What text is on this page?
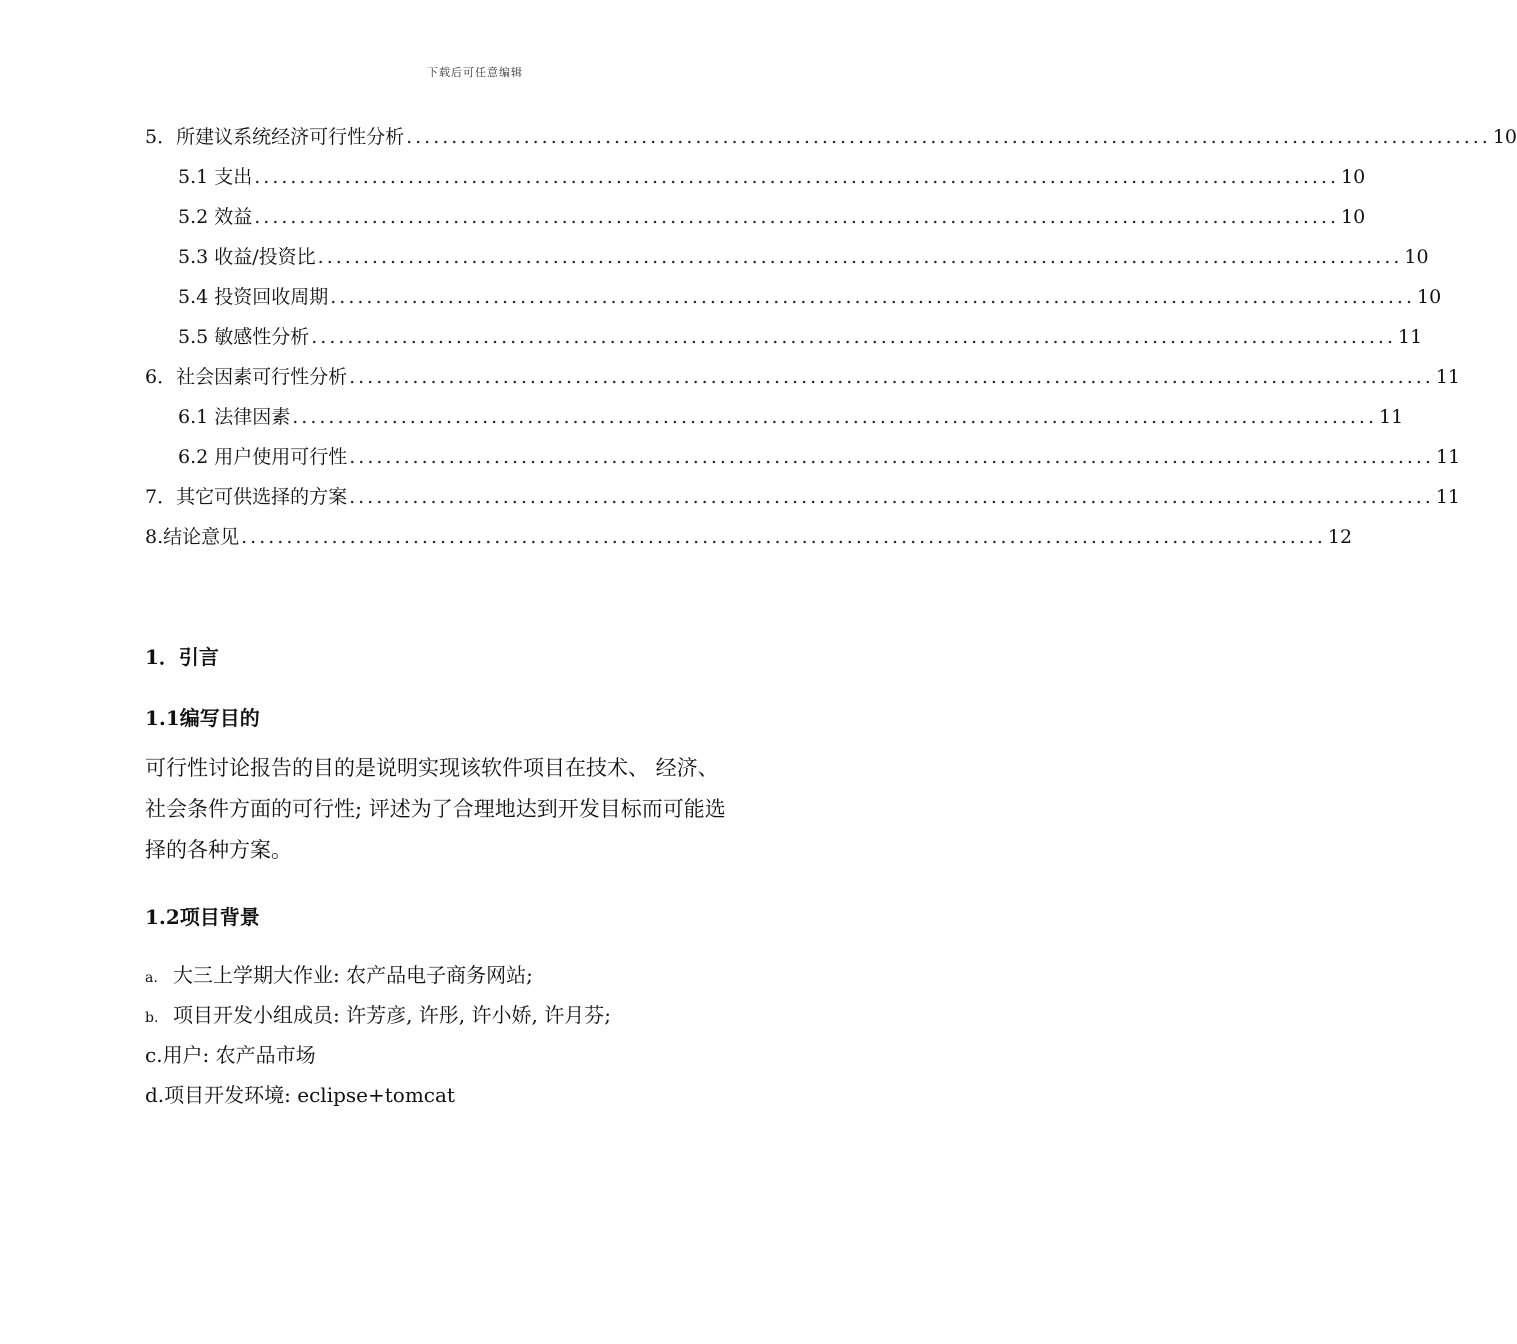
下载后可任意编辑
5．所建议系统经济可行性分析 ........................................................................................................................ 10
5.1 支出 ........................................................................................................................ 10
5.2 效益 ........................................................................................................................ 10
5.3 收益/投资比 ........................................................................................................................ 10
5.4 投资回收周期 ........................................................................................................................ 10
5.5 敏感性分析 ........................................................................................................................ 11
6．社会因素可行性分析 ........................................................................................................................ 11
6.1 法律因素 ........................................................................................................................ 11
6.2 用户使用可行性 ........................................................................................................................ 11
7．其它可供选择的方案 ........................................................................................................................ 11
8.结论意见 ........................................................................................................................ 12
1．引言
1.1编写目的

可行性讨论报告的目的是说明实现该软件项目在技术、 经济、
社会条件方面的可行性; 评述为了合理地达到开发目标而可能选
择的各种方案。

1.2项目背景
a. 大三上学期大作业: 农产品电子商务网站;
b. 项目开发小组成员: 许芳彦, 许彤, 许小娇, 许月芬;
c.用户: 农产品市场
d.项目开发环境: eclipse+tomcat
